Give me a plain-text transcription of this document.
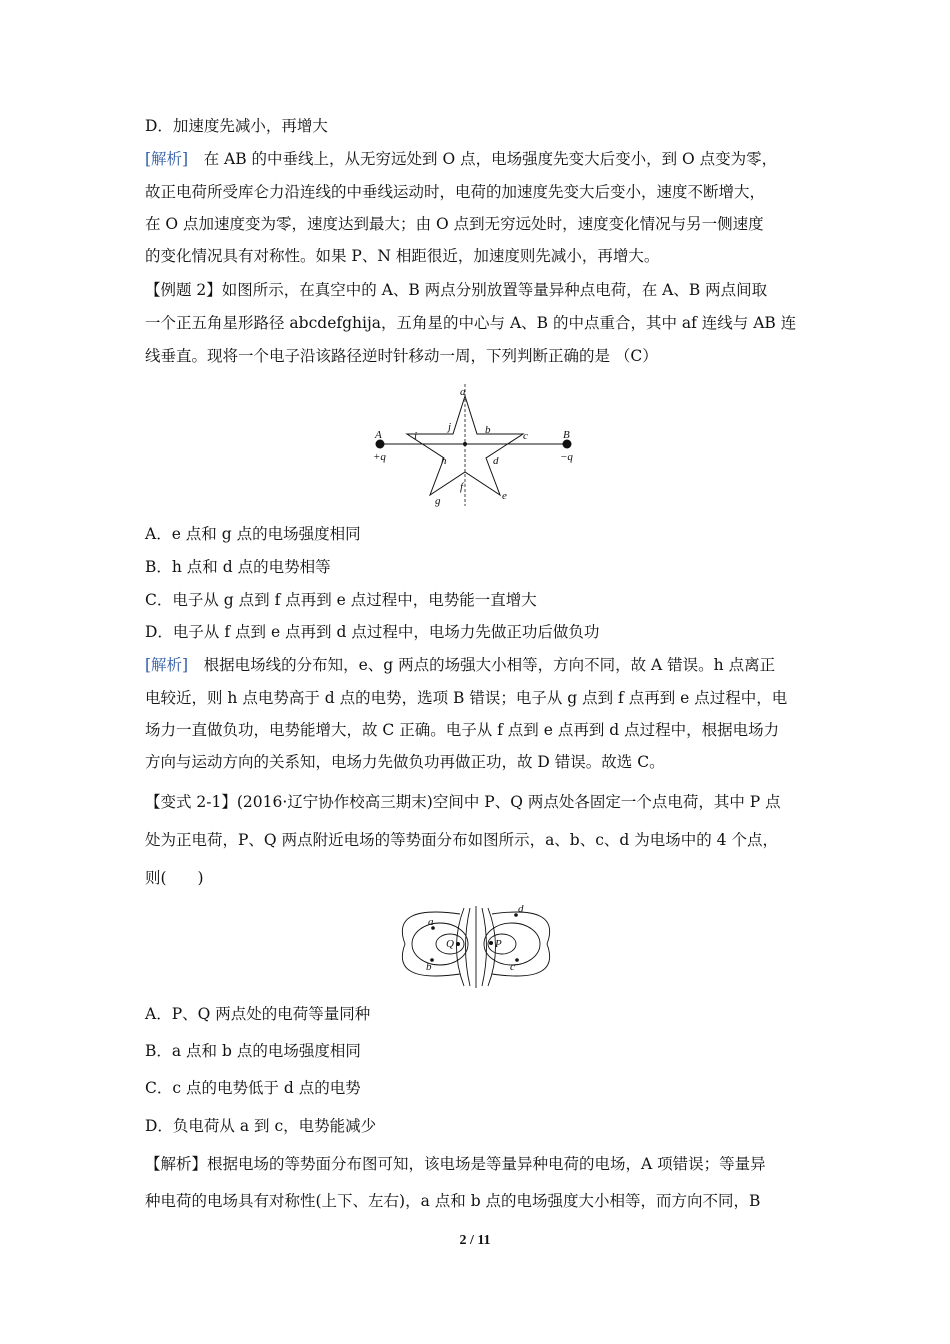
D．加速度先减小，再增大
[解析]　在 AB 的中垂线上，从无穷远处到 O 点，电场强度先变大后变小，到 O 点变为零，
故正电荷所受库仑力沿连线的中垂线运动时，电荷的加速度先变大后变小，速度不断增大，
在 O 点加速度变为零，速度达到最大；由 O 点到无穷远处时，速度变化情况与另一侧速度
的变化情况具有对称性。如果 P、N 相距很近，加速度则先减小，再增大。
【例题 2】如图所示，在真空中的 A、B 两点分别放置等量异种点电荷，在 A、B 两点间取
一个正五角星形路径 abcdefghija，五角星的中心与 A、B 的中点重合，其中 af 连线与 AB 连
线垂直。现将一个电子沿该路径逆时针移动一周，下列判断正确的是 （C）
A．e 点和 g 点的电场强度相同
B．h 点和 d 点的电势相等
C．电子从 g 点到 f 点再到 e 点过程中，电势能一直增大
D．电子从 f 点到 e 点再到 d 点过程中，电场力先做正功后做负功
[解析]　根据电场线的分布知，e、g 两点的场强大小相等，方向不同，故 A 错误。h 点离正
电较近，则 h 点电势高于 d 点的电势，选项 B 错误；电子从 g 点到 f 点再到 e 点过程中，电
场力一直做负功，电势能增大，故 C 正确。电子从 f 点到 e 点再到 d 点过程中，根据电场力
方向与运动方向的关系知，电场力先做负功再做正功，故 D 错误。故选 C。
【变式 2-1】(2016·辽宁协作校高三期末)空间中 P、Q 两点处各固定一个点电荷，其中 P 点
处为正电荷，P、Q 两点附近电场的等势面分布如图所示，a、b、c、d 为电场中的 4 个点，
则(　　)
A．P、Q 两点处的电荷等量同种
B．a 点和 b 点的电场强度相同
C．c 点的电势低于 d 点的电势
D．负电荷从 a 到 c，电势能减少
【解析】根据电场的等势面分布图可知，该电场是等量异种电荷的电场，A 项错误；等量异
种电荷的电场具有对称性(上下、左右)，a 点和 b 点的电场强度大小相等，而方向不同，B
a
j	b	c
i
h	d
f
g	e
A	B
+q	−q
a
b	c
d
Q	P
2 / 11
